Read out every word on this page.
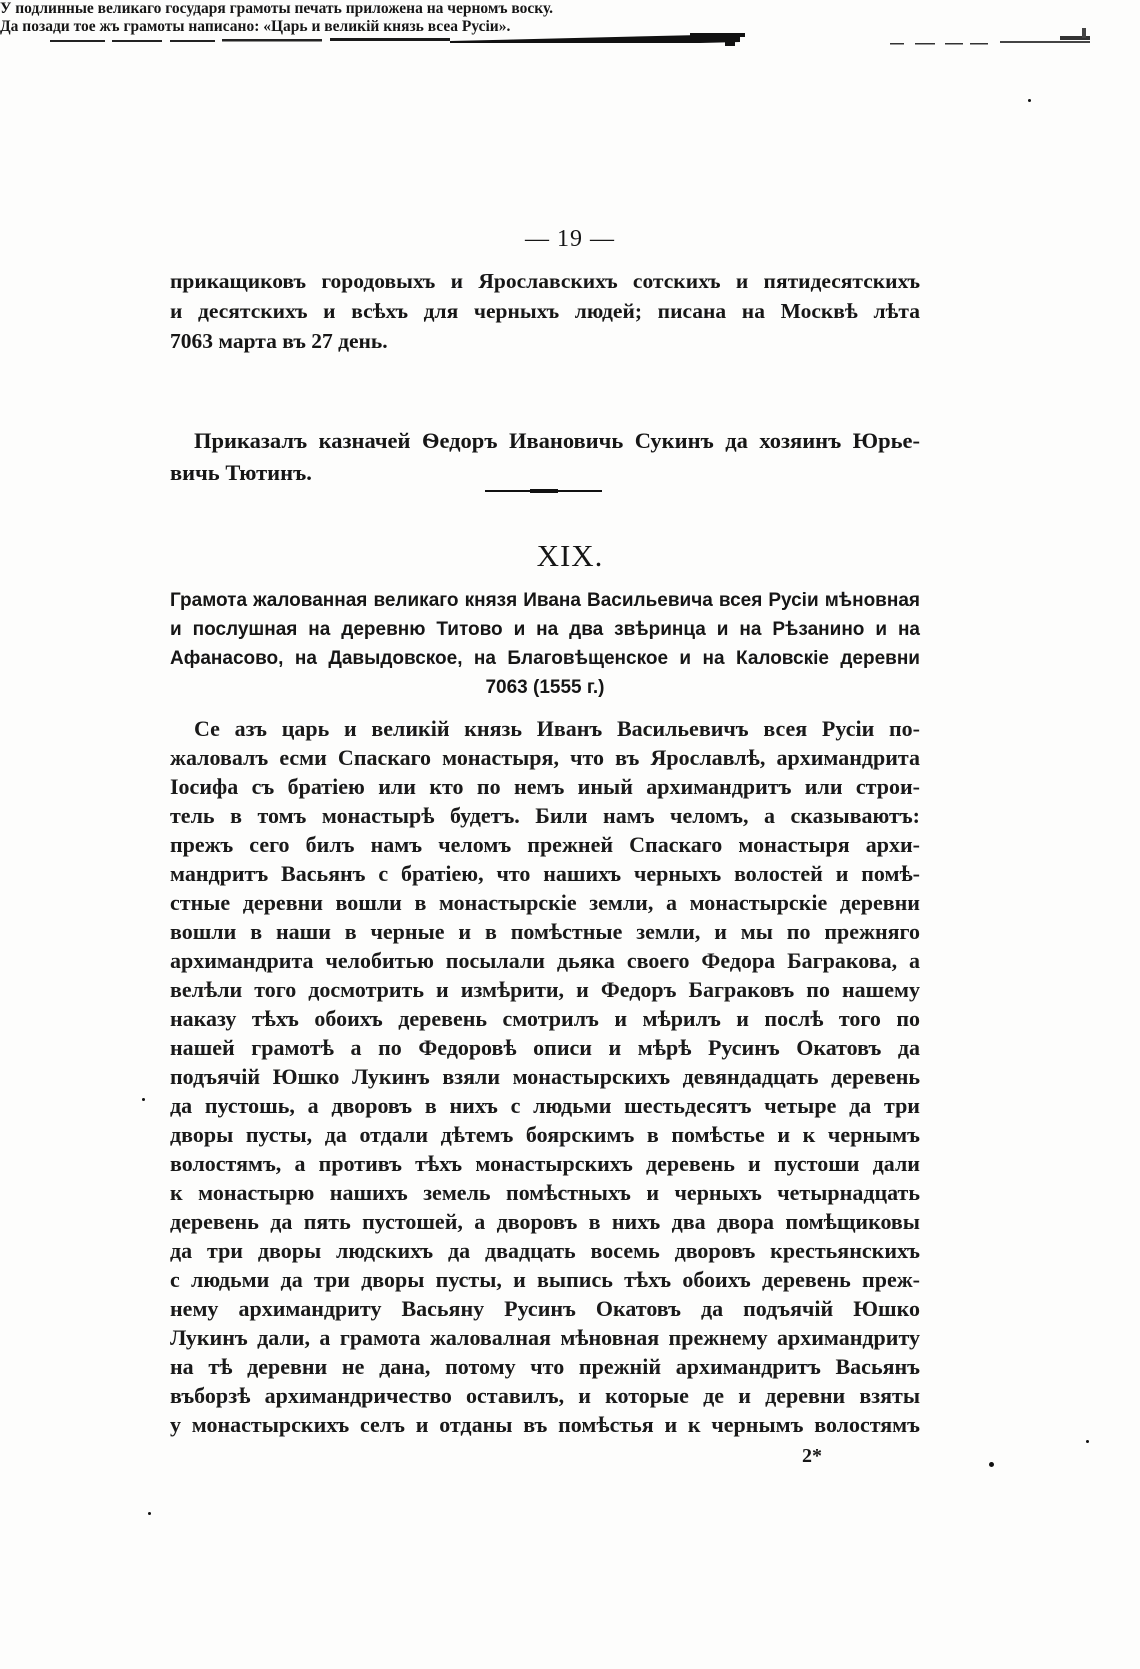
— 19 —
прикащиковъ городовыхъ и Ярославскихъ сотскихъ и пятидесятскихъ
и десятскихъ и всѣхъ для черныхъ людей; писана на Москвѣ лѣта
7063 марта въ 27 день.
У подлинные великаго государя грамоты печать приложена на черномъ воску.
Да позади тое жъ грамоты написано: «Царь и великій князь всеа Русіи».
Приказалъ казначей Ѳедоръ Ивановичь Сукинъ да хозяинъ Юрье-
вичь Тютинъ.
XIX.
Грамота жалованная великаго князя Ивана Васильевича всея Русіи мѣновная
и послушная на деревню Титово и на два звѣринца и на Рѣзанино и на
Афанасово, на Давыдовское, на Благовѣщенское и на Каловскіе деревни
7063 (1555 г.)
Се азъ царь и великій князь Иванъ Васильевичъ всея Русіи по-
жаловалъ есми Спаскаго монастыря, что въ Ярославлѣ, архимандрита
Іосифа съ братіею или кто по немъ иный архимандритъ или строи-
тель в томъ монастырѣ будетъ. Били намъ челомъ, а сказываютъ:
прежъ сего билъ намъ челомъ прежней Спаскаго монастыря архи-
мандритъ Васьянъ с братіею, что нашихъ черныхъ волостей и помѣ-
стные деревни вошли в монастырскіе земли, а монастырскіе деревни
вошли в наши в черные и в помѣстные земли, и мы по прежняго
архимандрита челобитью посылали дьяка своего Федора Багракова, а
велѣли того досмотрить и измѣрити, и Федоръ Баграковъ по нашему
наказу тѣхъ обоихъ деревень смотрилъ и мѣрилъ и послѣ того по
нашей грамотѣ а по Федоровѣ описи и мѣрѣ Русинъ Окатовъ да
подъячій Юшко Лукинъ взяли монастырскихъ девяндадцать деревень
да пустошь, а дворовъ в нихъ с людьми шестьдесятъ четыре да три
дворы пусты, да отдали дѣтемъ боярскимъ в помѣстье и к чернымъ
волостямъ, а противъ тѣхъ монастырскихъ деревень и пустоши дали
к монастырю нашихъ земель помѣстныхъ и черныхъ четырнадцать
деревень да пять пустошей, а дворовъ в нихъ два двора помѣщиковы
да три дворы людскихъ да двадцать восемь дворовъ крестьянскихъ
с людьми да три дворы пусты, и выпись тѣхъ обоихъ деревень преж-
нему архимандриту Васьяну Русинъ Окатовъ да подъячій Юшко
Лукинъ дали, а грамота жаловалная мѣновная прежнему архимандриту
на тѣ деревни не дана, потому что прежній архимандритъ Васьянъ
въборзѣ архимандричество оставилъ, и которые де и деревни взяты
у монастырскихъ селъ и отданы въ помѣстья и к чернымъ волостямъ
2*
